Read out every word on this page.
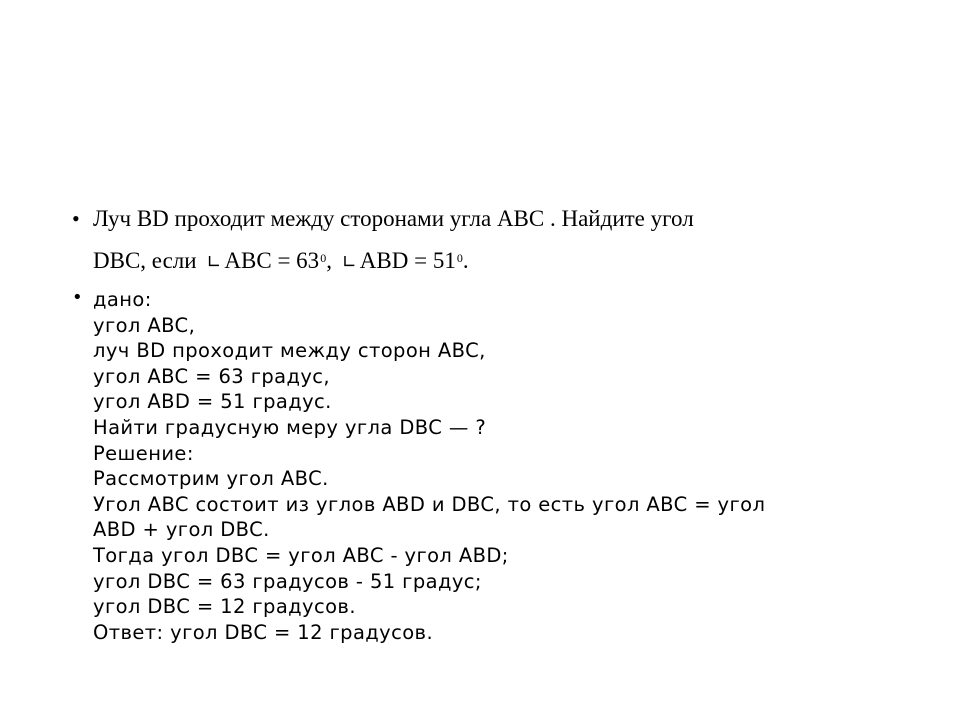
• Луч BD проходит между сторонами угла ABC . Найдите угол
DBC, если ∟ ABC = $63^0$, ∟ ABD = $51^0$.
• дано:
угол ABC,
луч BD проходит между сторон ABC,
угол ABC = 63 градус,
угол ABD = 51 градус.
Найти градусную меру угла DBC — ?
Решение:
Рассмотрим угол ABC.
Угол ABC состоит из углов ABD и DBC, то есть угол ABC = угол
ABD + угол DBC.
Тогда угол DBC = угол ABC - угол ABD;
угол DBC = 63 градусов - 51 градус;
угол DBC = 12 градусов.
Ответ: угол DBC = 12 градусов.
